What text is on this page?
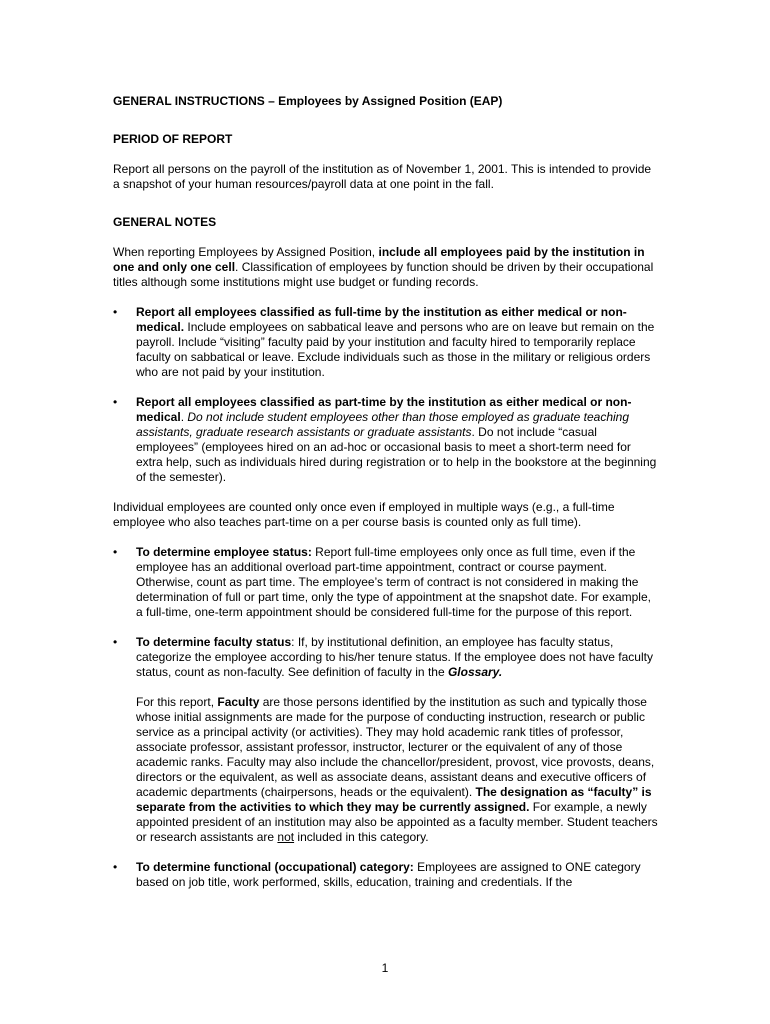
GENERAL INSTRUCTIONS – Employees by Assigned Position (EAP)
PERIOD OF REPORT

Report all persons on the payroll of the institution as of November 1, 2001. This is intended to provide a snapshot of your human resources/payroll data at one point in the fall.

GENERAL NOTES

When reporting Employees by Assigned Position, include all employees paid by the institution in one and only one cell. Classification of employees by function should be driven by their occupational titles although some institutions might use budget or funding records.

•	Report all employees classified as full-time by the institution as either medical or non-medical. Include employees on sabbatical leave and persons who are on leave but remain on the payroll. Include “visiting” faculty paid by your institution and faculty hired to temporarily replace faculty on sabbatical or leave. Exclude individuals such as those in the military or religious orders who are not paid by your institution.
•	Report all employees classified as part-time by the institution as either medical or non-medical. Do not include student employees other than those employed as graduate teaching assistants, graduate research assistants or graduate assistants. Do not include “casual employees” (employees hired on an ad-hoc or occasional basis to meet a short-term need for extra help, such as individuals hired during registration or to help in the bookstore at the beginning of the semester).

Individual employees are counted only once even if employed in multiple ways (e.g., a full-time employee who also teaches part-time on a per course basis is counted only as full time).

•	To determine employee status: Report full-time employees only once as full time, even if the employee has an additional overload part-time appointment, contract or course payment. Otherwise, count as part time. The employee’s term of contract is not considered in making the determination of full or part time, only the type of appointment at the snapshot date. For example, a full-time, one-term appointment should be considered full-time for the purpose of this report.
•	To determine faculty status: If, by institutional definition, an employee has faculty status, categorize the employee according to his/her tenure status. If the employee does not have faculty status, count as non-faculty. See definition of faculty in the Glossary.

For this report, Faculty are those persons identified by the institution as such and typically those whose initial assignments are made for the purpose of conducting instruction, research or public service as a principal activity (or activities). They may hold academic rank titles of professor, associate professor, assistant professor, instructor, lecturer or the equivalent of any of those academic ranks. Faculty may also include the chancellor/president, provost, vice provosts, deans, directors or the equivalent, as well as associate deans, assistant deans and executive officers of academic departments (chairpersons, heads or the equivalent). The designation as “faculty” is separate from the activities to which they may be currently assigned. For example, a newly appointed president of an institution may also be appointed as a faculty member. Student teachers or research assistants are not included in this category.

•	To determine functional (occupational) category: Employees are assigned to ONE category based on job title, work performed, skills, education, training and credentials. If the
1
